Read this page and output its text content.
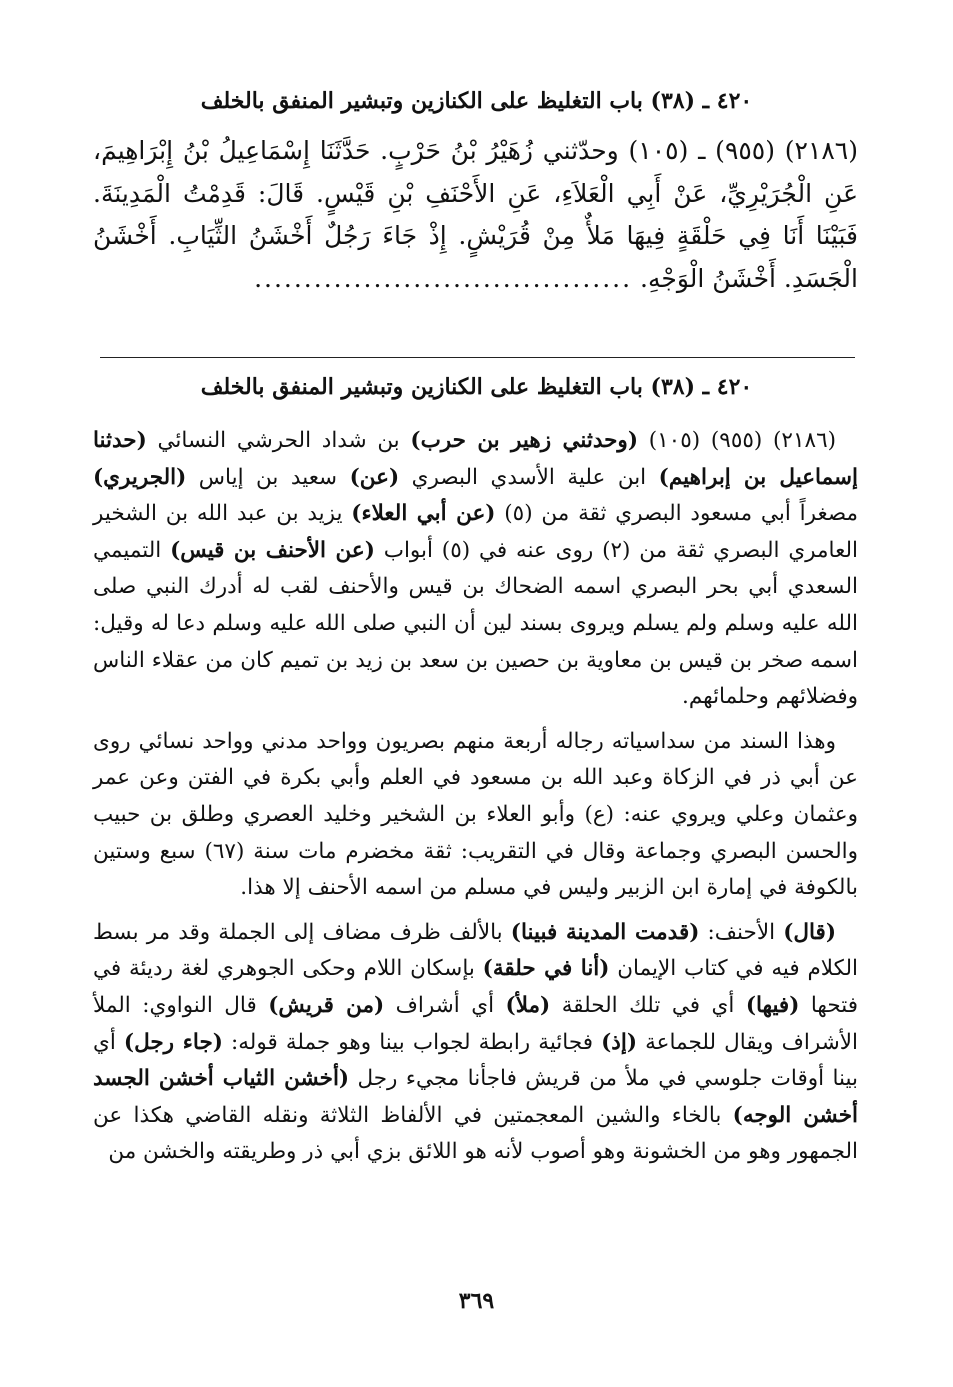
٤٢٠ ـ (٣٨) باب التغليظ على الكنازين وتبشير المنفق بالخلف
(٢١٨٦) (٩٥٥) ـ (١٠٥) وحدّثني زُهَيْرُ بْنُ حَرْبٍ. حَدَّثَنَا إِسْمَاعِيلُ بْنُ إِبْرَاهِيمَ، عَنِ الْجُرَيْرِيِّ، عَنْ أَبِي الْعَلاَءِ، عَنِ الأَحْنَفِ بْنِ قَيْسٍ. قَالَ: قَدِمْتُ الْمَدِينَةَ. فَبَيْنَا أَنَا فِي حَلْقَةٍ فِيهَا مَلأٌ مِنْ قُرَيْشٍ. إِذْ جَاءَ رَجُلٌ أَخْشَنُ الثِّيَابِ. أَخْشَنُ الْجَسَدِ. أَخْشَنُ الْوَجْهِ. ......................................
٤٢٠ ـ (٣٨) باب التغليظ على الكنازين وتبشير المنفق بالخلف

(٢١٨٦) (٩٥٥) (١٠٥) (وحدثني زهير بن حرب) بن شداد الحرشي النسائي (حدثنا إسماعيل بن إبراهيم) ابن علية الأسدي البصري (عن) سعيد بن إياس (الجريري) مصغراً أبي مسعود البصري ثقة من (٥) (عن أبي العلاء) يزيد بن عبد الله بن الشخير العامري البصري ثقة من (٢) روى عنه في (٥) أبواب (عن الأحنف بن قيس) التميمي السعدي أبي بحر البصري اسمه الضحاك بن قيس والأحنف لقب له أدرك النبي صلى الله عليه وسلم ولم يسلم ويروى بسند لين أن النبي صلى الله عليه وسلم دعا له وقيل: اسمه صخر بن قيس بن معاوية بن حصين بن سعد بن زيد بن تميم كان من عقلاء الناس وفضلائهم وحلمائهم.

وهذا السند من سداسياته رجاله أربعة منهم بصريون وواحد مدني وواحد نسائي روى عن أبي ذر في الزكاة وعبد الله بن مسعود في العلم وأبي بكرة في الفتن وعن عمر وعثمان وعلي ويروي عنه: (ع) وأبو العلاء بن الشخير وخليد العصري وطلق بن حبيب والحسن البصري وجماعة وقال في التقريب: ثقة مخضرم مات سنة (٦٧) سبع وستين بالكوفة في إمارة ابن الزبير وليس في مسلم من اسمه الأحنف إلا هذا.

(قال) الأحنف: (قدمت المدينة فبينا) بالألف ظرف مضاف إلى الجملة وقد مر بسط الكلام فيه في كتاب الإيمان (أنا في حلقة) بإسكان اللام وحكى الجوهري لغة رديئة في فتحها (فيها) أي في تلك الحلقة (ملأ) أي أشراف (من قريش) قال النواوي: الملأ الأشراف ويقال للجماعة (إذ) فجائية رابطة لجواب بينا وهو جملة قوله: (جاء رجل) أي بينا أوقات جلوسي في ملأ من قريش فاجأنا مجيء رجل (أخشن الثياب أخشن الجسد أخشن الوجه) بالخاء والشين المعجمتين في الألفاظ الثلاثة ونقله القاضي هكذا عن الجمهور وهو من الخشونة وهو أصوب لأنه هو اللائق بزي أبي ذر وطريقته والخشن من

٣٦٩
